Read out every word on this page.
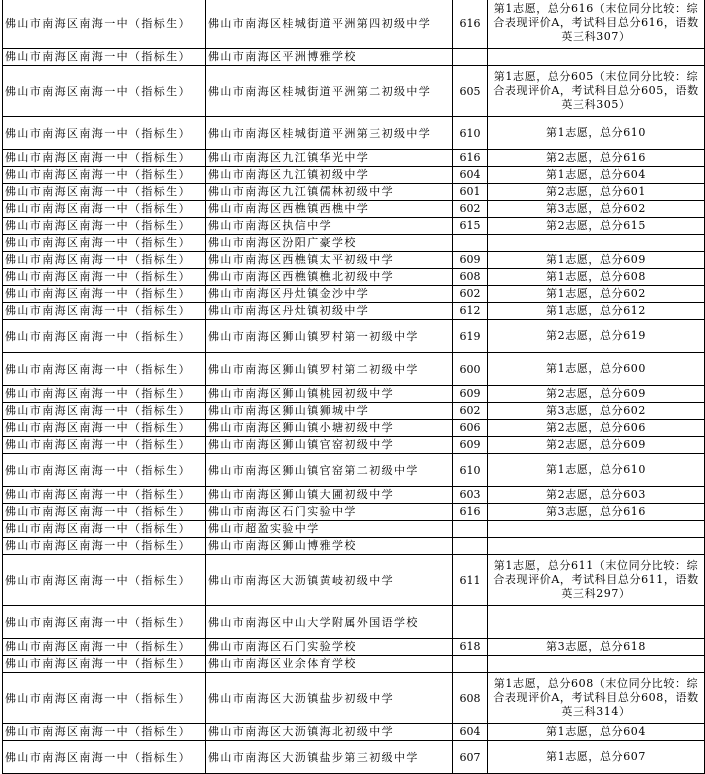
佛山市南海区南海一中（指标生）	佛山市南海区桂城街道平洲第四初级中学	616	第1志愿，总分616（末位同分比较：综合表现评价A，考试科目总分616，语数英三科307）
佛山市南海区南海一中（指标生）	佛山市南海区平洲博雅学校		
佛山市南海区南海一中（指标生）	佛山市南海区桂城街道平洲第二初级中学	605	第1志愿，总分605（末位同分比较：综合表现评价A，考试科目总分605，语数英三科305）
佛山市南海区南海一中（指标生）	佛山市南海区桂城街道平洲第三初级中学	610	第1志愿，总分610
佛山市南海区南海一中（指标生）	佛山市南海区九江镇华光中学	616	第2志愿，总分616
佛山市南海区南海一中（指标生）	佛山市南海区九江镇初级中学	604	第1志愿，总分604
佛山市南海区南海一中（指标生）	佛山市南海区九江镇儒林初级中学	601	第2志愿，总分601
佛山市南海区南海一中（指标生）	佛山市南海区西樵镇西樵中学	602	第3志愿，总分602
佛山市南海区南海一中（指标生）	佛山市南海区执信中学	615	第2志愿，总分615
佛山市南海区南海一中（指标生）	佛山市南海区汾阳广豪学校		
佛山市南海区南海一中（指标生）	佛山市南海区西樵镇太平初级中学	609	第1志愿，总分609
佛山市南海区南海一中（指标生）	佛山市南海区西樵镇樵北初级中学	608	第1志愿，总分608
佛山市南海区南海一中（指标生）	佛山市南海区丹灶镇金沙中学	602	第1志愿，总分602
佛山市南海区南海一中（指标生）	佛山市南海区丹灶镇初级中学	612	第1志愿，总分612
佛山市南海区南海一中（指标生）	佛山市南海区狮山镇罗村第一初级中学	619	第2志愿，总分619
佛山市南海区南海一中（指标生）	佛山市南海区狮山镇罗村第二初级中学	600	第1志愿，总分600
佛山市南海区南海一中（指标生）	佛山市南海区狮山镇桃园初级中学	609	第2志愿，总分609
佛山市南海区南海一中（指标生）	佛山市南海区狮山镇狮城中学	602	第3志愿，总分602
佛山市南海区南海一中（指标生）	佛山市南海区狮山镇小塘初级中学	606	第2志愿，总分606
佛山市南海区南海一中（指标生）	佛山市南海区狮山镇官窑初级中学	609	第2志愿，总分609
佛山市南海区南海一中（指标生）	佛山市南海区狮山镇官窑第二初级中学	610	第1志愿，总分610
佛山市南海区南海一中（指标生）	佛山市南海区狮山镇大圃初级中学	603	第2志愿，总分603
佛山市南海区南海一中（指标生）	佛山市南海区石门实验中学	616	第3志愿，总分616
佛山市南海区南海一中（指标生）	佛山市超盈实验中学		
佛山市南海区南海一中（指标生）	佛山市南海区狮山博雅学校		
佛山市南海区南海一中（指标生）	佛山市南海区大沥镇黄岐初级中学	611	第1志愿，总分611（末位同分比较：综合表现评价A，考试科目总分611，语数英三科297）
佛山市南海区南海一中（指标生）	佛山市南海区中山大学附属外国语学校		
佛山市南海区南海一中（指标生）	佛山市南海区石门实验学校	618	第3志愿，总分618
佛山市南海区南海一中（指标生）	佛山市南海区业余体育学校		
佛山市南海区南海一中（指标生）	佛山市南海区大沥镇盐步初级中学	608	第1志愿，总分608（末位同分比较：综合表现评价A，考试科目总分608，语数英三科314）
佛山市南海区南海一中（指标生）	佛山市南海区大沥镇海北初级中学	604	第1志愿，总分604
佛山市南海区南海一中（指标生）	佛山市南海区大沥镇盐步第三初级中学	607	第1志愿，总分607
